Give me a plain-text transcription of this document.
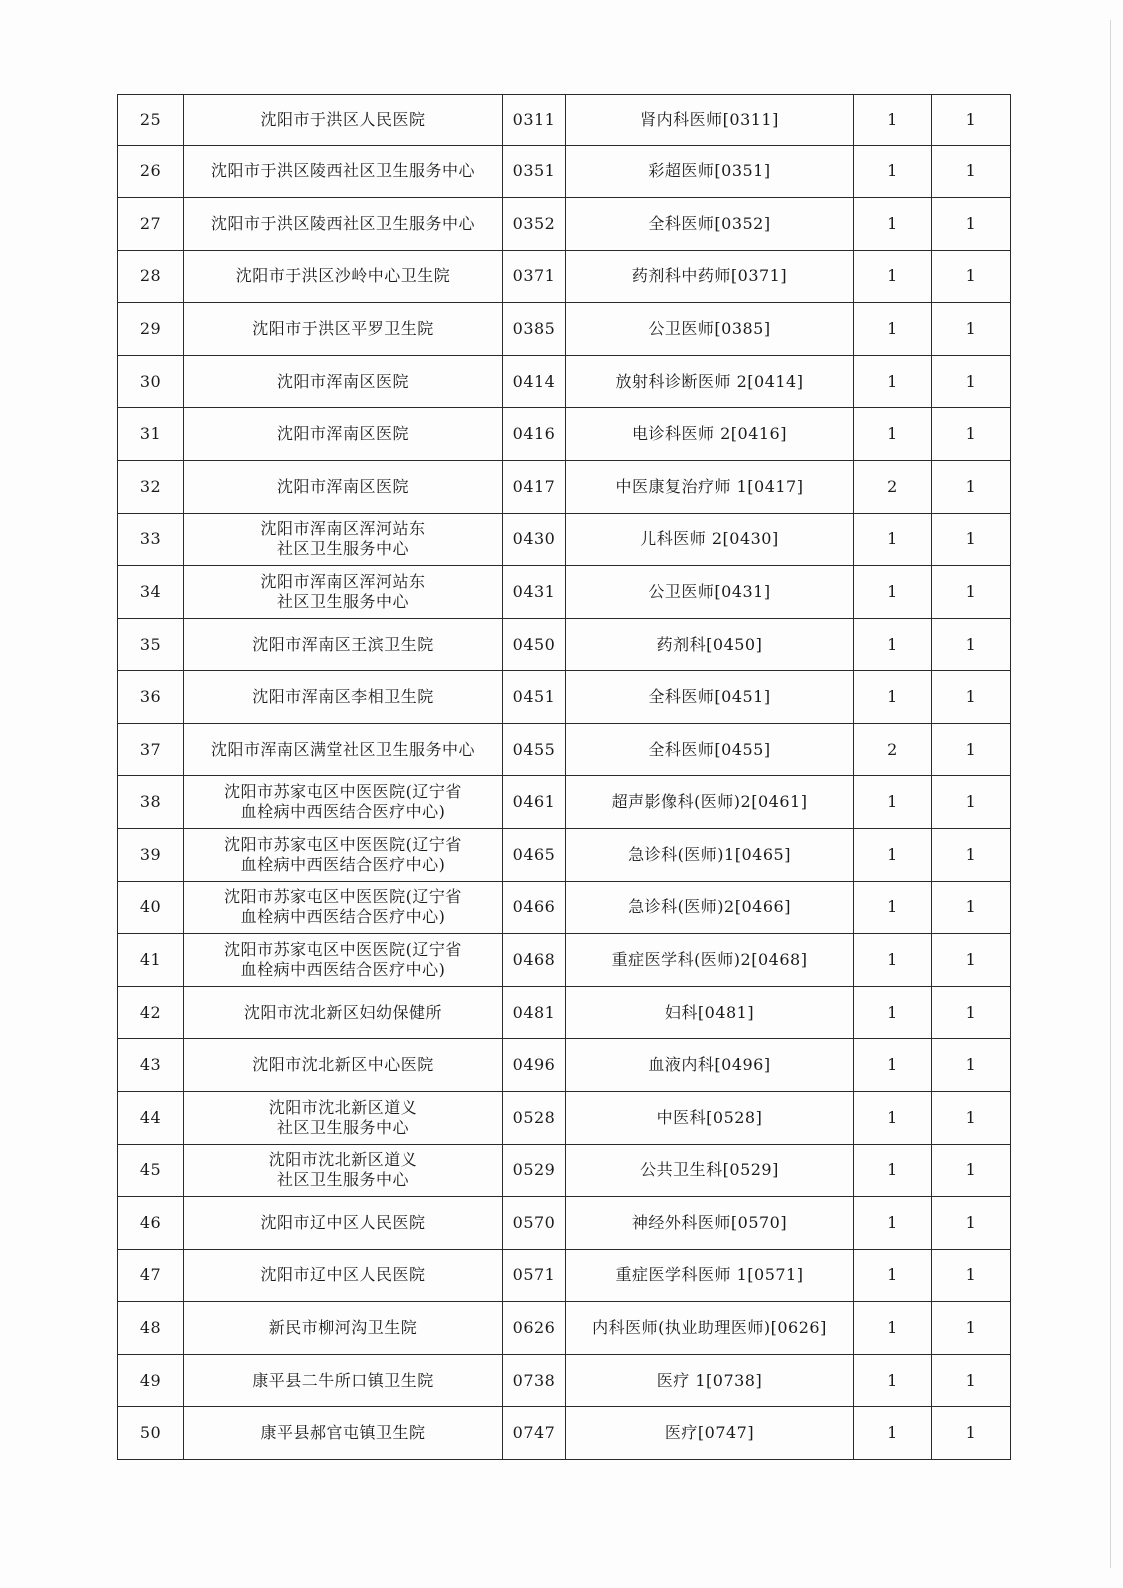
25	沈阳市于洪区人民医院	0311	肾内科医师[0311]	1	1
26	沈阳市于洪区陵西社区卫生服务中心	0351	彩超医师[0351]	1	1
27	沈阳市于洪区陵西社区卫生服务中心	0352	全科医师[0352]	1	1
28	沈阳市于洪区沙岭中心卫生院	0371	药剂科中药师[0371]	1	1
29	沈阳市于洪区平罗卫生院	0385	公卫医师[0385]	1	1
30	沈阳市浑南区医院	0414	放射科诊断医师 2[0414]	1	1
31	沈阳市浑南区医院	0416	电诊科医师 2[0416]	1	1
32	沈阳市浑南区医院	0417	中医康复治疗师 1[0417]	2	1
33	沈阳市浑南区浑河站东
社区卫生服务中心	0430	儿科医师 2[0430]	1	1
34	沈阳市浑南区浑河站东
社区卫生服务中心	0431	公卫医师[0431]	1	1
35	沈阳市浑南区王滨卫生院	0450	药剂科[0450]	1	1
36	沈阳市浑南区李相卫生院	0451	全科医师[0451]	1	1
37	沈阳市浑南区满堂社区卫生服务中心	0455	全科医师[0455]	2	1
38	沈阳市苏家屯区中医医院(辽宁省
血栓病中西医结合医疗中心)	0461	超声影像科(医师)2[0461]	1	1
39	沈阳市苏家屯区中医医院(辽宁省
血栓病中西医结合医疗中心)	0465	急诊科(医师)1[0465]	1	1
40	沈阳市苏家屯区中医医院(辽宁省
血栓病中西医结合医疗中心)	0466	急诊科(医师)2[0466]	1	1
41	沈阳市苏家屯区中医医院(辽宁省
血栓病中西医结合医疗中心)	0468	重症医学科(医师)2[0468]	1	1
42	沈阳市沈北新区妇幼保健所	0481	妇科[0481]	1	1
43	沈阳市沈北新区中心医院	0496	血液内科[0496]	1	1
44	沈阳市沈北新区道义
社区卫生服务中心	0528	中医科[0528]	1	1
45	沈阳市沈北新区道义
社区卫生服务中心	0529	公共卫生科[0529]	1	1
46	沈阳市辽中区人民医院	0570	神经外科医师[0570]	1	1
47	沈阳市辽中区人民医院	0571	重症医学科医师 1[0571]	1	1
48	新民市柳河沟卫生院	0626	内科医师(执业助理医师)[0626]	1	1
49	康平县二牛所口镇卫生院	0738	医疗 1[0738]	1	1
50	康平县郝官屯镇卫生院	0747	医疗[0747]	1	1
